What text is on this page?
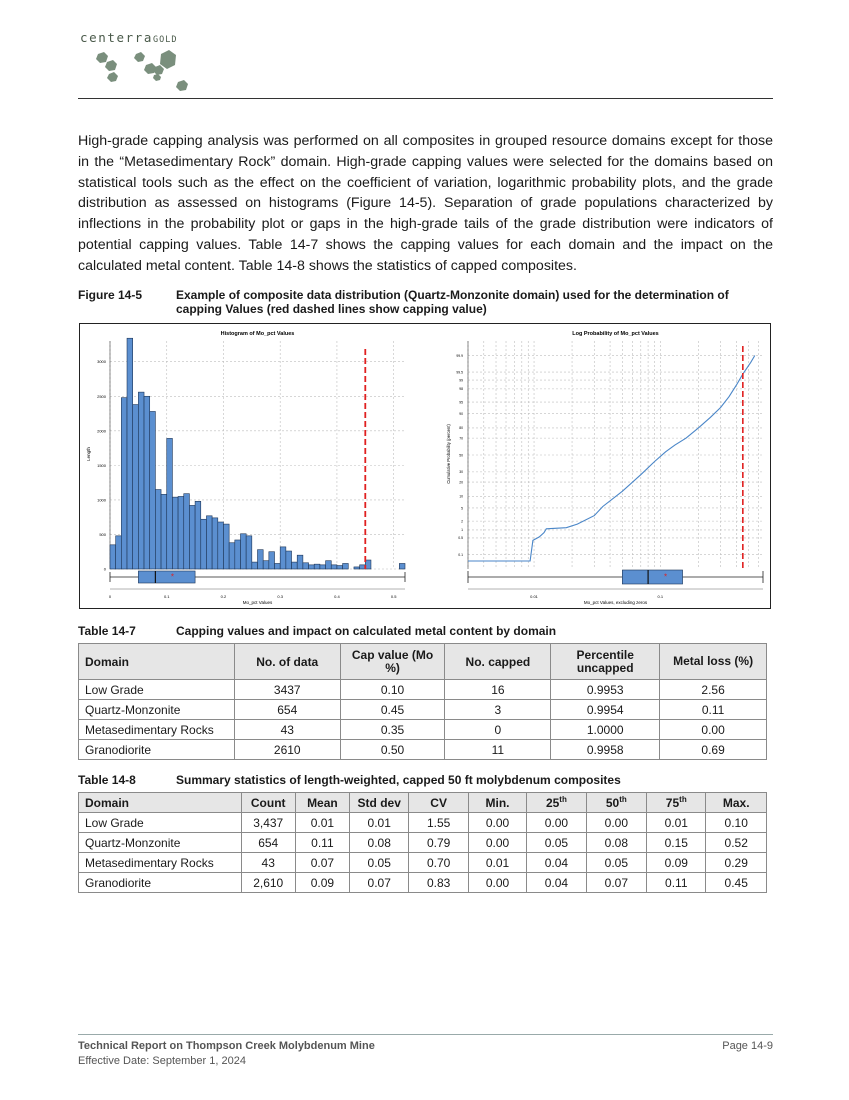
centerraGOLD
High-grade capping analysis was performed on all composites in grouped resource domains except for those in the “Metasedimentary Rock” domain. High-grade capping values were selected for the domains based on statistical tools such as the effect on the coefficient of variation, logarithmic probability plots, and the grade distribution as assessed on histograms (Figure 14-5). Separation of grade populations characterized by inflections in the probability plot or gaps in the high-grade tails of the grade distribution were indicators of potential capping values. Table 14-7 shows the capping values for each domain and the impact on the calculated metal content. Table 14-8 shows the statistics of capped composites.
Figure 14-5	Example of composite data distribution (Quartz-Monzonite domain) used for the determination of capping Values (red dashed lines show capping value)
Histogram of Mo_pct Values
0
500
1000
1500
2000
2500
3000
0	0.1	0.2	0.3	0.4	0.5
*
Mo_pct Values
Length
Log Probability of Mo_pct Values
0.1
0.5
1
2
5
10
20
30
50
70
80
90
95
98
99
99.5
99.9
0.01	0.1
*
Mo_pct Values, excluding zeros
Cumulative Probability (percent)
Table 14-7	Capping values and impact on calculated metal content by domain
Domain	No. of data	Cap value (Mo %)	No. capped	Percentile uncapped	Metal loss (%)
Low Grade	3437	0.10	16	0.9953	2.56
Quartz-Monzonite	654	0.45	3	0.9954	0.11
Metasedimentary Rocks	43	0.35	0	1.0000	0.00
Granodiorite	2610	0.50	11	0.9958	0.69
Table 14-8	Summary statistics of length-weighted, capped 50 ft molybdenum composites
Domain	Count	Mean	Std dev	CV	Min.	25th	50th	75th	Max.
Low Grade	3,437	0.01	0.01	1.55	0.00	0.00	0.00	0.01	0.10
Quartz-Monzonite	654	0.11	0.08	0.79	0.00	0.05	0.08	0.15	0.52
Metasedimentary Rocks	43	0.07	0.05	0.70	0.01	0.04	0.05	0.09	0.29
Granodiorite	2,610	0.09	0.07	0.83	0.00	0.04	0.07	0.11	0.45
Technical Report on Thompson Creek Molybdenum Mine
Effective Date: September 1, 2024
Page 14-9
